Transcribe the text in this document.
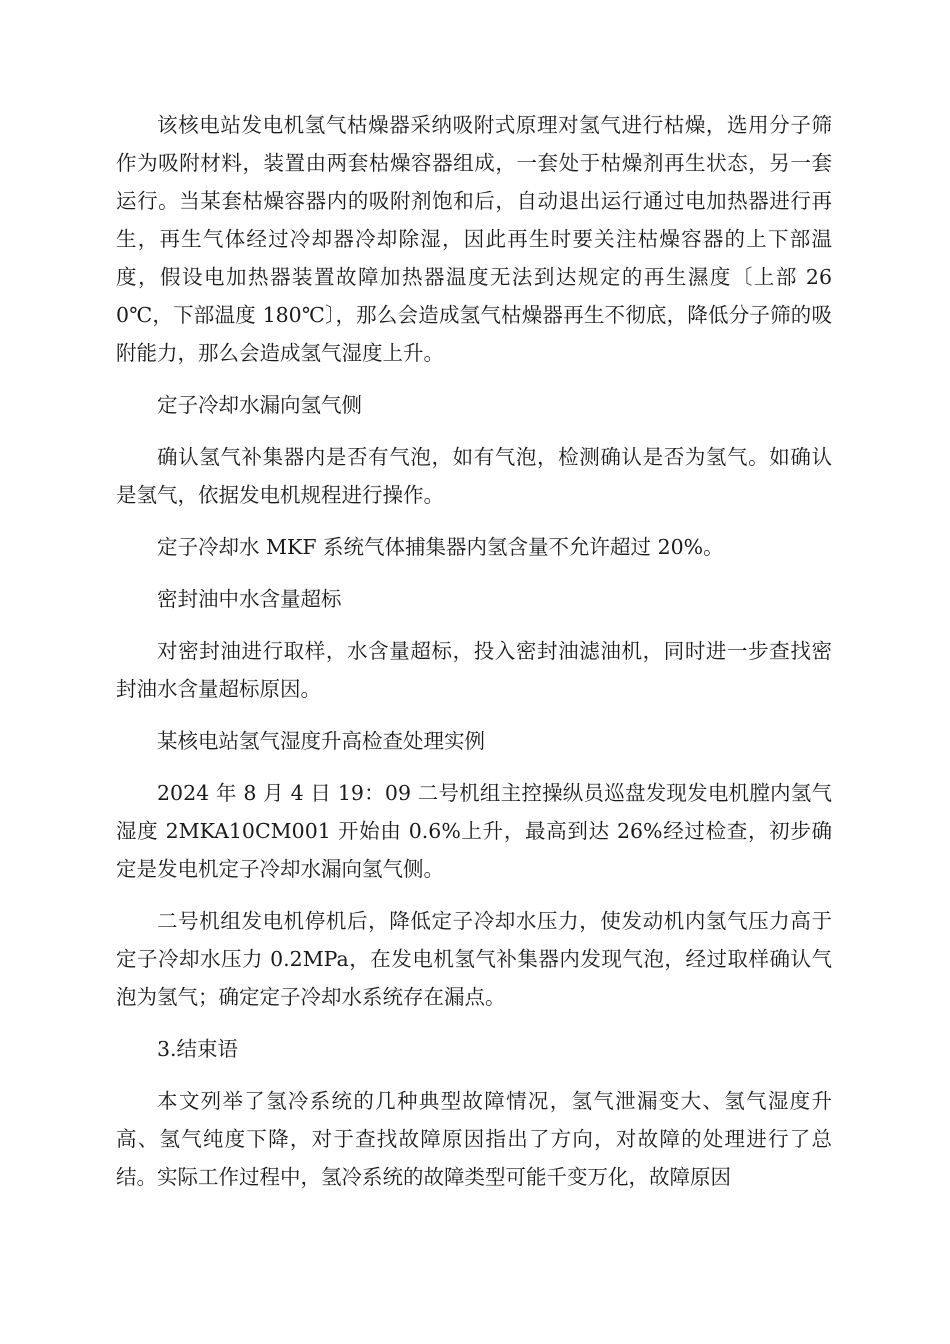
该核电站发电机氢气枯燥器采纳吸附式原理对氢气进行枯燥，选用分子筛作为吸附材料，装置由两套枯燥容器组成，一套处于枯燥剂再生状态，另一套运行。当某套枯燥容器内的吸附剂饱和后，自动退出运行通过电加热器进行再生，再生气体经过冷却器冷却除湿，因此再生时要关注枯燥容器的上下部温度，假设电加热器装置故障加热器温度无法到达规定的再生濕度〔上部 260℃，下部温度 180℃〕，那么会造成氢气枯燥器再生不彻底，降低分子筛的吸附能力，那么会造成氢气湿度上升。

定子冷却水漏向氢气侧

确认氢气补集器内是否有气泡，如有气泡，检测确认是否为氢气。如确认是氢气，依据发电机规程进行操作。

定子冷却水 MKF 系统气体捕集器内氢含量不允许超过 20%。

密封油中水含量超标

对密封油进行取样，水含量超标，投入密封油滤油机，同时进一步查找密封油水含量超标原因。

某核电站氢气湿度升高检查处理实例

2024 年 8 月 4 日 19：09 二号机组主控操纵员巡盘发现发电机膛内氢气湿度 2MKA10CM001 开始由 0.6%上升，最高到达 26%经过检查，初步确定是发电机定子冷却水漏向氢气侧。

二号机组发电机停机后，降低定子冷却水压力，使发动机内氢气压力高于定子冷却水压力 0.2MPa，在发电机氢气补集器内发现气泡，经过取样确认气泡为氢气；确定定子冷却水系统存在漏点。

3.结束语

本文列举了氢冷系统的几种典型故障情况，氢气泄漏变大、氢气湿度升高、氢气纯度下降，对于查找故障原因指出了方向，对故障的处理进行了总结。实际工作过程中，氢冷系统的故障类型可能千变万化，故障原因
